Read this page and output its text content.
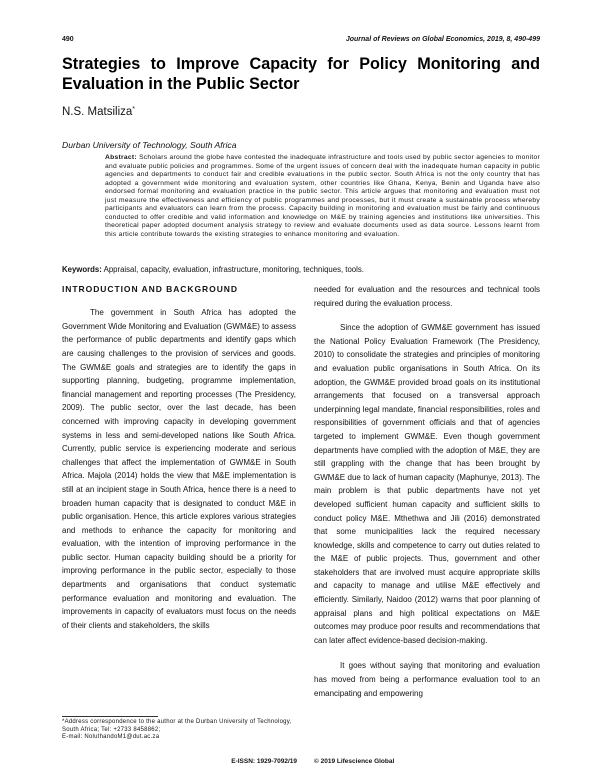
490	Journal of Reviews on Global Economics, 2019, 8, 490-499
Strategies to Improve Capacity for Policy Monitoring and Evaluation in the Public Sector
N.S. Matsiliza*
Durban University of Technology, South Africa
Abstract: Scholars around the globe have contested the inadequate infrastructure and tools used by public sector agencies to monitor and evaluate public policies and programmes. Some of the urgent issues of concern deal with the inadequate human capacity in public agencies and departments to conduct fair and credible evaluations in the public sector. South Africa is not the only country that has adopted a government wide monitoring and evaluation system, other countries like Ghana, Kenya, Benin and Uganda have also endorsed formal monitoring and evaluation practice in the public sector. This article argues that monitoring and evaluation must not just measure the effectiveness and efficiency of public programmes and processes, but it must create a sustainable process whereby participants and evaluators can learn from the process. Capacity building in monitoring and evaluation must be fairly and continuous conducted to offer credible and valid information and knowledge on M&E by training agencies and institutions like universities. This theoretical paper adopted document analysis strategy to review and evaluate documents used as data source. Lessons learnt from this article contribute towards the existing strategies to enhance monitoring and evaluation.
Keywords: Appraisal, capacity, evaluation, infrastructure, monitoring, techniques, tools.
INTRODUCTION AND BACKGROUND

The government in South Africa has adopted the Government Wide Monitoring and Evaluation (GWM&E) to assess the performance of public departments and identify gaps which are causing challenges to the provision of services and goods. The GWM&E goals and strategies are to identify the gaps in supporting planning, budgeting, programme implementation, financial management and reporting processes (The Presidency, 2009). The public sector, over the last decade, has been concerned with improving capacity in developing government systems in less and semi-developed nations like South Africa. Currently, public service is experiencing moderate and serious challenges that affect the implementation of GWM&E in South Africa. Majola (2014) holds the view that M&E implementation is still at an incipient stage in South Africa, hence there is a need to broaden human capacity that is designated to conduct M&E in public organisation. Hence, this article explores various strategies and methods to enhance the capacity for monitoring and evaluation, with the intention of improving performance in the public sector. Human capacity building should be a priority for improving performance in the public sector, especially to those departments and organisations that conduct systematic performance evaluation and monitoring and evaluation. The improvements in capacity of evaluators must focus on the needs of their clients and stakeholders, the skills

needed for evaluation and the resources and technical tools required during the evaluation process.

Since the adoption of GWM&E government has issued the National Policy Evaluation Framework (The Presidency, 2010) to consolidate the strategies and principles of monitoring and evaluation public organisations in South Africa. On its adoption, the GWM&E provided broad goals on its institutional arrangements that focused on a transversal approach underpinning legal mandate, financial responsibilities, roles and responsibilities of government officials and that of agencies targeted to implement GWM&E. Even though government departments have complied with the adoption of M&E, they are still grappling with the change that has been brought by GWM&E due to lack of human capacity (Maphunye, 2013). The main problem is that public departments have not yet developed sufficient human capacity and sufficient skills to conduct policy M&E. Mthethwa and Jili (2016) demonstrated that some municipalities lack the required necessary knowledge, skills and competence to carry out duties related to the M&E of public projects. Thus, government and other stakeholders that are involved must acquire appropriate skills and capacity to manage and utilise M&E effectively and efficiently. Similarly, Naidoo (2012) warns that poor planning of appraisal plans and high political expectations on M&E outcomes may produce poor results and recommendations that can later affect evidence-based decision-making.

It goes without saying that monitoring and evaluation has moved from being a performance evaluation tool to an emancipating and empowering

*Address correspondence to the author at the Durban University of Technology, South Africa; Tel: +2733 8458862;
E-mail: NoluthandoM1@dut.ac.za
E-ISSN: 1929-7092/19	© 2019 Lifescience Global
